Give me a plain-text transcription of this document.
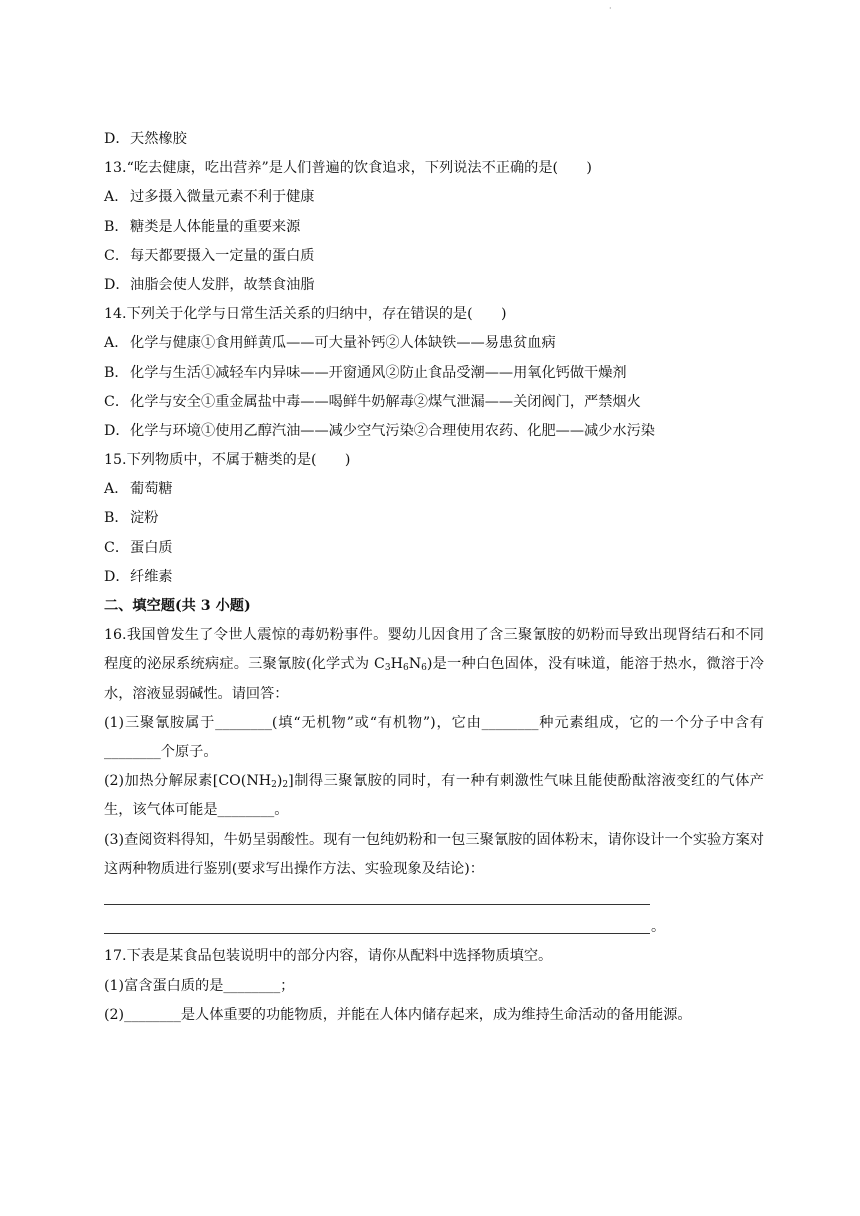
·
D．天然橡胶
13.“吃去健康，吃出营养”是人们普遍的饮食追求，下列说法不正确的是(　　)
A． 过多摄入微量元素不利于健康
B．糖类是人体能量的重要来源
C．每天都要摄入一定量的蛋白质
D．油脂会使人发胖，故禁食油脂
14.下列关于化学与日常生活关系的归纳中，存在错误的是(　　)
A． 化学与健康①食用鲜黄瓜——可大量补钙②人体缺铁——易患贫血病
B．化学与生活①减轻车内异味——开窗通风②防止食品受潮——用氧化钙做干燥剂
C．化学与安全①重金属盐中毒——喝鲜牛奶解毒②煤气泄漏——关闭阀门，严禁烟火
D．化学与环境①使用乙醇汽油——减少空气污染②合理使用农药、化肥——减少水污染
15.下列物质中，不属于糖类的是(　　)
A． 葡萄糖
B．淀粉
C．蛋白质
D．纤维素
二、填空题(共 3 小题)
16.我国曾发生了令世人震惊的毒奶粉事件。婴幼儿因食用了含三聚氰胺的奶粉而导致出现肾结石和不同程度的泌尿系统病症。三聚氰胺(化学式为 $C_3H_6N_6$)是一种白色固体，没有味道，能溶于热水，微溶于冷水，溶液显弱碱性。请回答：
(1)三聚氰胺属于________(填“无机物”或“有机物”)，它由________种元素组成，它的一个分子中含有________个原子。
(2)加热分解尿素$[CO(NH_2)_2]$制得三聚氰胺的同时，有一种有刺激性气味且能使酚酞溶液变红的气体产生，该气体可能是________。
(3)查阅资料得知，牛奶呈弱酸性。现有一包纯奶粉和一包三聚氰胺的固体粉末，请你设计一个实验方案对这两种物质进行鉴别(要求写出操作方法、实验现象及结论)：
。
17.下表是某食品包装说明中的部分内容，请你从配料中选择物质填空。
(1)富含蛋白质的是________；
(2)________是人体重要的功能物质，并能在人体内储存起来，成为维持生命活动的备用能源。
